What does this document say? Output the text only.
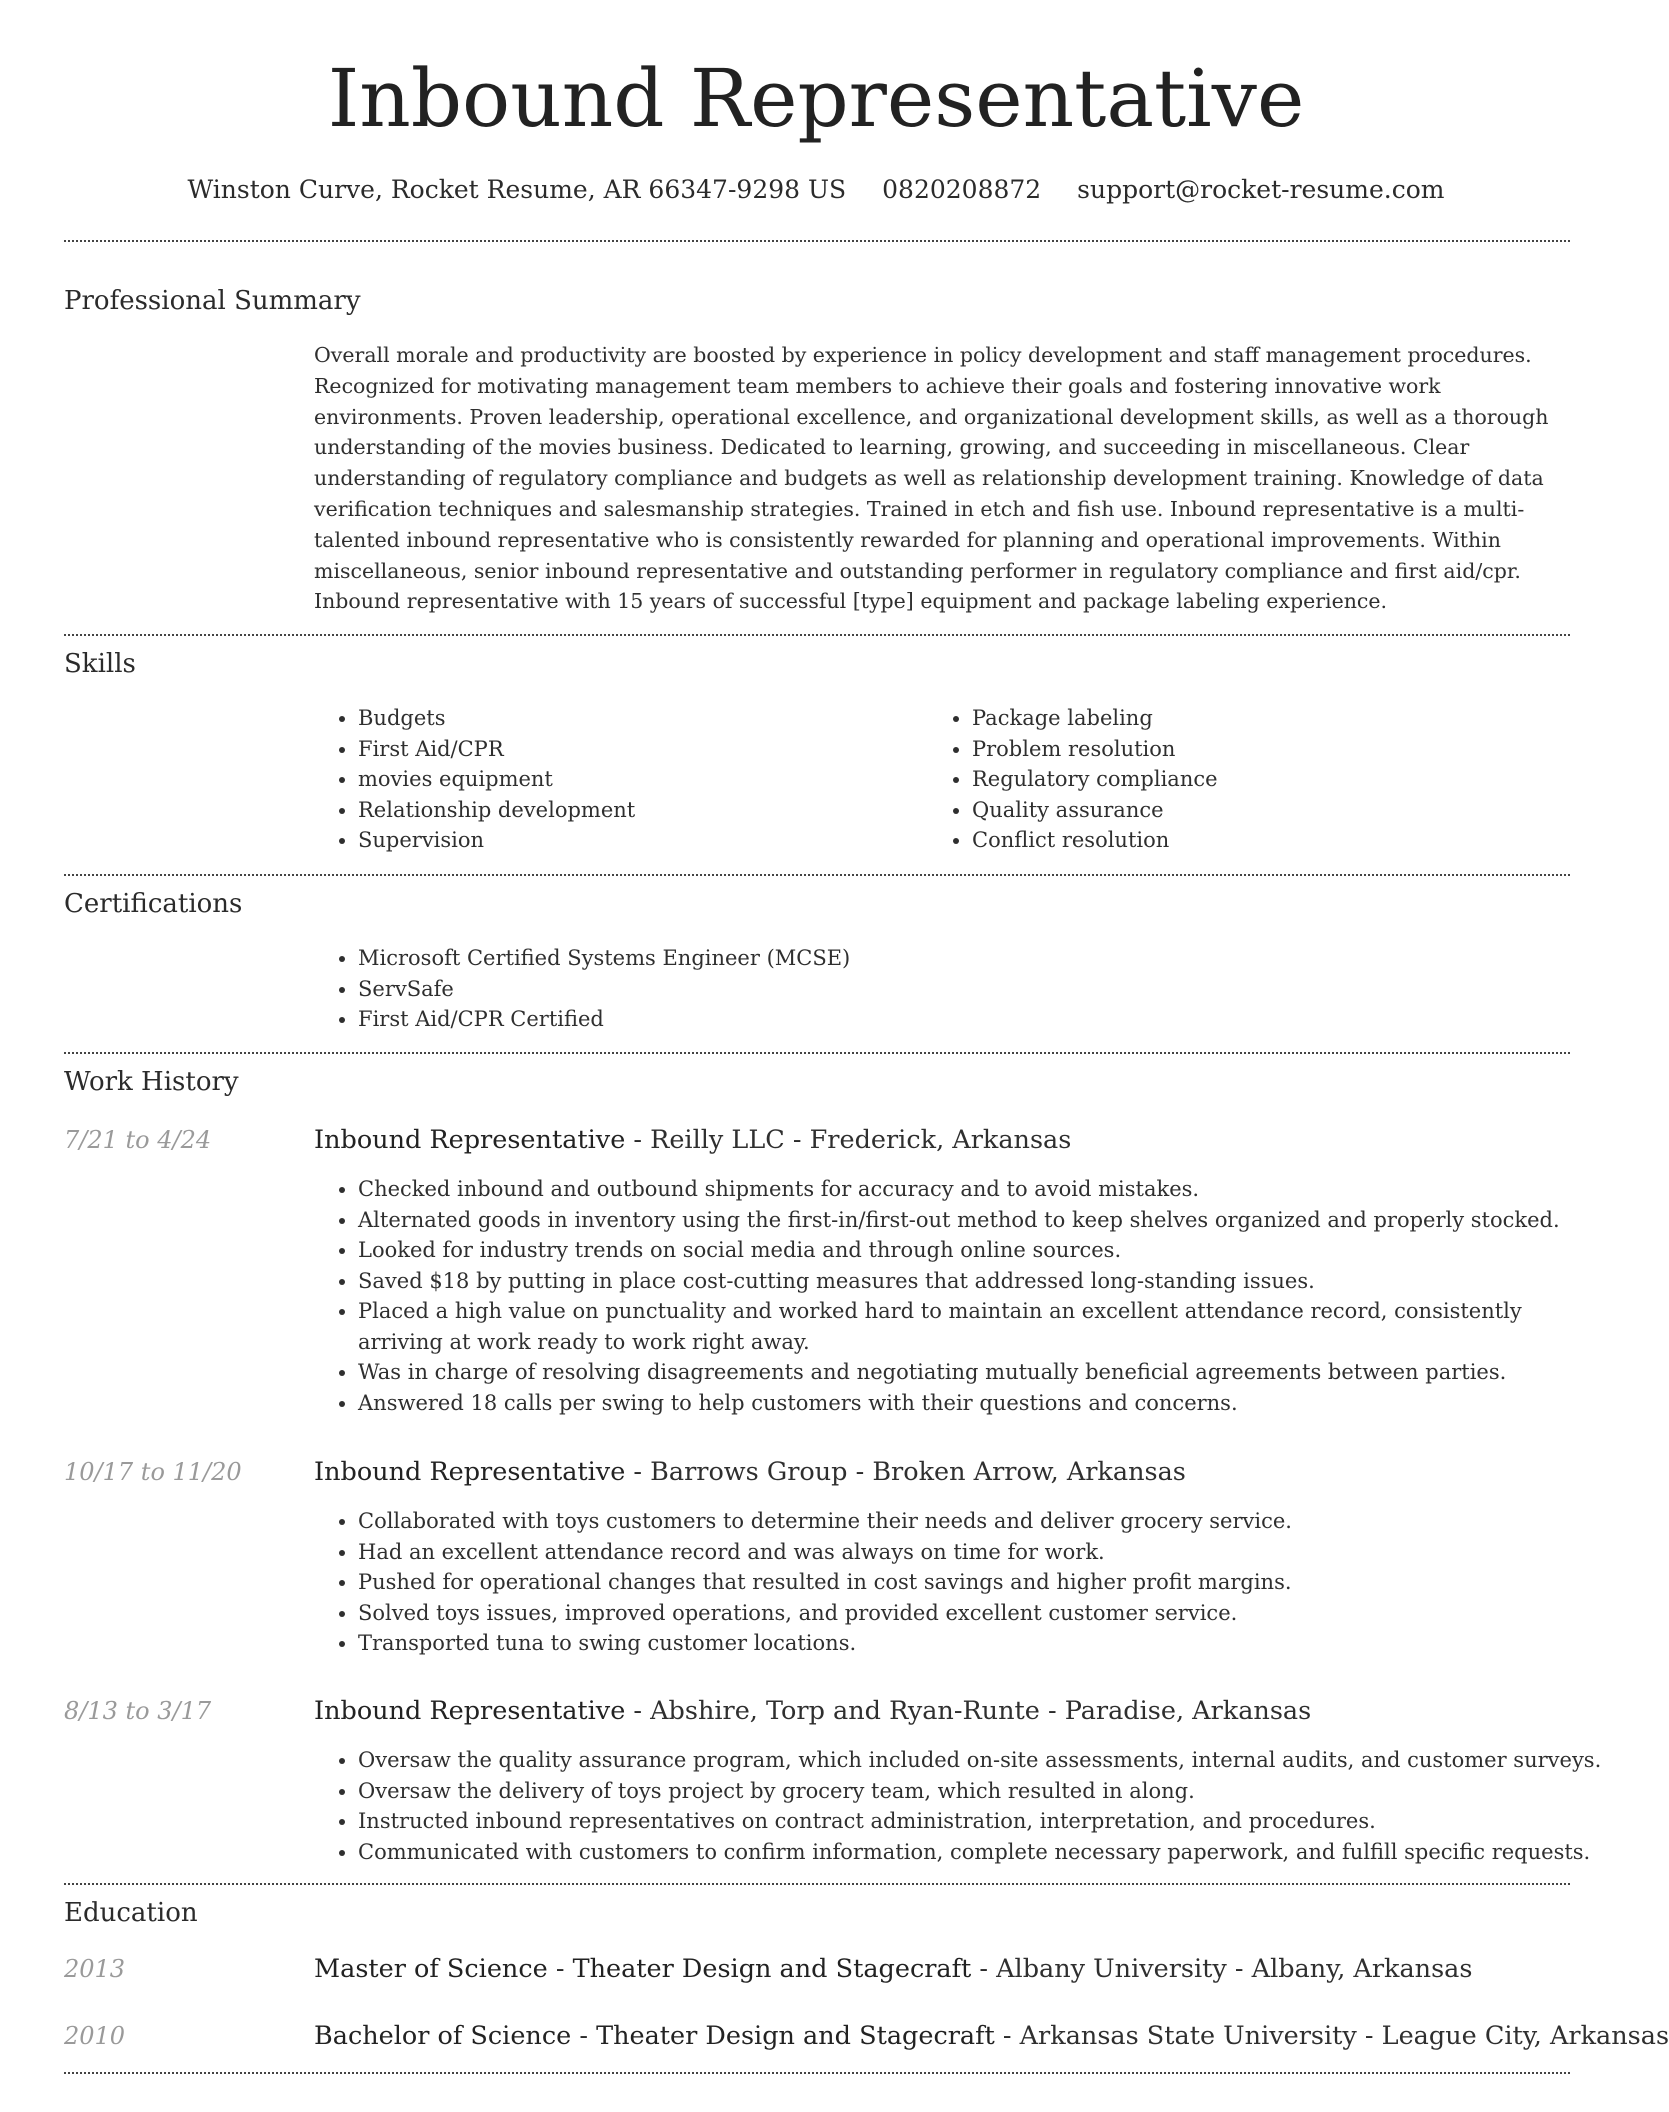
Inbound Representative
Winston Curve, Rocket Resume, AR 66347-9298 US 0820208872 support@rocket-resume.com
Professional Summary

Overall morale and productivity are boosted by experience in policy development and staff management procedures. Recognized for motivating management team members to achieve their goals and fostering innovative work environments. Proven leadership, operational excellence, and organizational development skills, as well as a thorough understanding of the movies business. Dedicated to learning, growing, and succeeding in miscellaneous. Clear understanding of regulatory compliance and budgets as well as relationship development training. Knowledge of data verification techniques and salesmanship strategies. Trained in etch and fish use. Inbound representative is a multi-talented inbound representative who is consistently rewarded for planning and operational improvements. Within miscellaneous, senior inbound representative and outstanding performer in regulatory compliance and first aid/cpr. Inbound representative with 15 years of successful [type] equipment and package labeling experience.

Skills
• Budgets
• First Aid/CPR
• movies equipment
• Relationship development
• Supervision
• Package labeling
• Problem resolution
• Regulatory compliance
• Quality assurance
• Conflict resolution
Certifications
• Microsoft Certified Systems Engineer (MCSE)
• ServSafe
• First Aid/CPR Certified
Work History
7/21 to 4/24	Inbound Representative - Reilly LLC - Frederick, Arkansas
• Checked inbound and outbound shipments for accuracy and to avoid mistakes.
• Alternated goods in inventory using the first-in/first-out method to keep shelves organized and properly stocked.
• Looked for industry trends on social media and through online sources.
• Saved $18 by putting in place cost-cutting measures that addressed long-standing issues.
• Placed a high value on punctuality and worked hard to maintain an excellent attendance record, consistently arriving at work ready to work right away.
• Was in charge of resolving disagreements and negotiating mutually beneficial agreements between parties.
• Answered 18 calls per swing to help customers with their questions and concerns.
10/17 to 11/20	Inbound Representative - Barrows Group - Broken Arrow, Arkansas
• Collaborated with toys customers to determine their needs and deliver grocery service.
• Had an excellent attendance record and was always on time for work.
• Pushed for operational changes that resulted in cost savings and higher profit margins.
• Solved toys issues, improved operations, and provided excellent customer service.
• Transported tuna to swing customer locations.
8/13 to 3/17	Inbound Representative - Abshire, Torp and Ryan-Runte - Paradise, Arkansas
• Oversaw the quality assurance program, which included on-site assessments, internal audits, and customer surveys.
• Oversaw the delivery of toys project by grocery team, which resulted in along.
• Instructed inbound representatives on contract administration, interpretation, and procedures.
• Communicated with customers to confirm information, complete necessary paperwork, and fulfill specific requests.
Education
2013	Master of Science - Theater Design and Stagecraft - Albany University - Albany, Arkansas
2010	Bachelor of Science - Theater Design and Stagecraft - Arkansas State University - League City, Arkansas
